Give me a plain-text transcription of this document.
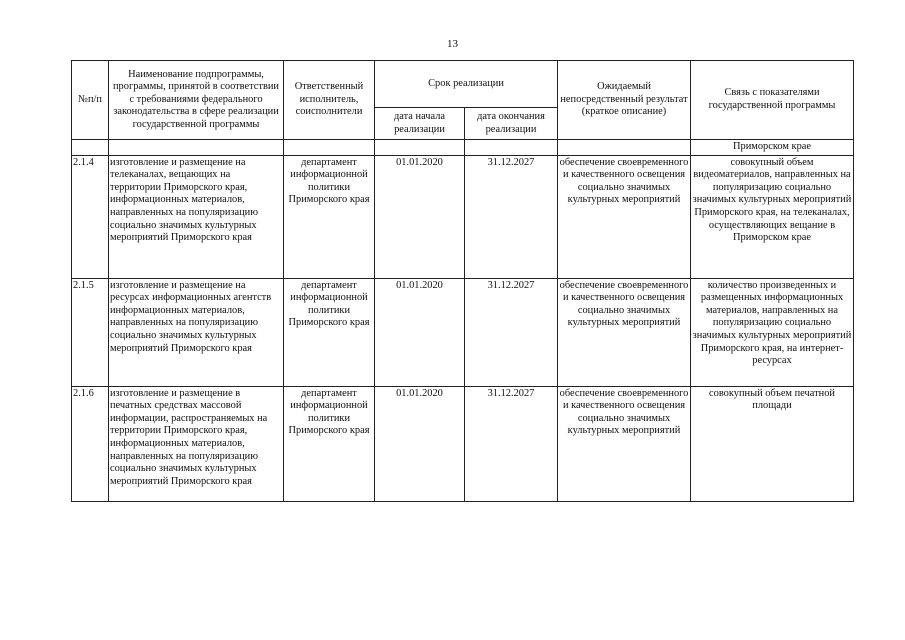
13
№п/п	Наименование подпрограммы, программы, принятой в соответствии с требованиями федерального законодательства в сфере реализации государственной программы	Ответственный исполнитель, соисполнители	Срок реализации		Ожидаемый непосредственный результат (краткое описание)	Связь с показателями государственной программы
			дата начала реализации	дата окончания реализации		
						Приморском крае
2.1.4	изготовление и размещение на телеканалах, вещающих на территории Приморского края, информационных материалов, направленных на популяризацию социально значимых культурных мероприятий Приморского края	департамент информационной политики Приморского края	01.01.2020	31.12.2027	обеспечение своевременного и качественного освещения социально значимых культурных мероприятий	совокупный объем видеоматериалов, направленных на популяризацию социально значимых культурных мероприятий Приморского края, на телеканалах, осуществляющих вещание в Приморском крае
2.1.5	изготовление и размещение на ресурсах информационных агентств информационных материалов, направленных на популяризацию социально значимых культурных мероприятий Приморского края	департамент информационной политики Приморского края	01.01.2020	31.12.2027	обеспечение своевременного и качественного освещения социально значимых культурных мероприятий	количество произведенных и размещенных информационных материалов, направленных на популяризацию социально значимых культурных мероприятий Приморского края, на интернет-ресурсах
2.1.6	изготовление и размещение в печатных средствах массовой информации, распространяемых на территории Приморского края, информационных материалов, направленных на популяризацию социально значимых культурных мероприятий Приморского края	департамент информационной политики Приморского края	01.01.2020	31.12.2027	обеспечение своевременного и качественного освещения социально значимых культурных мероприятий	совокупный объем печатной площади
